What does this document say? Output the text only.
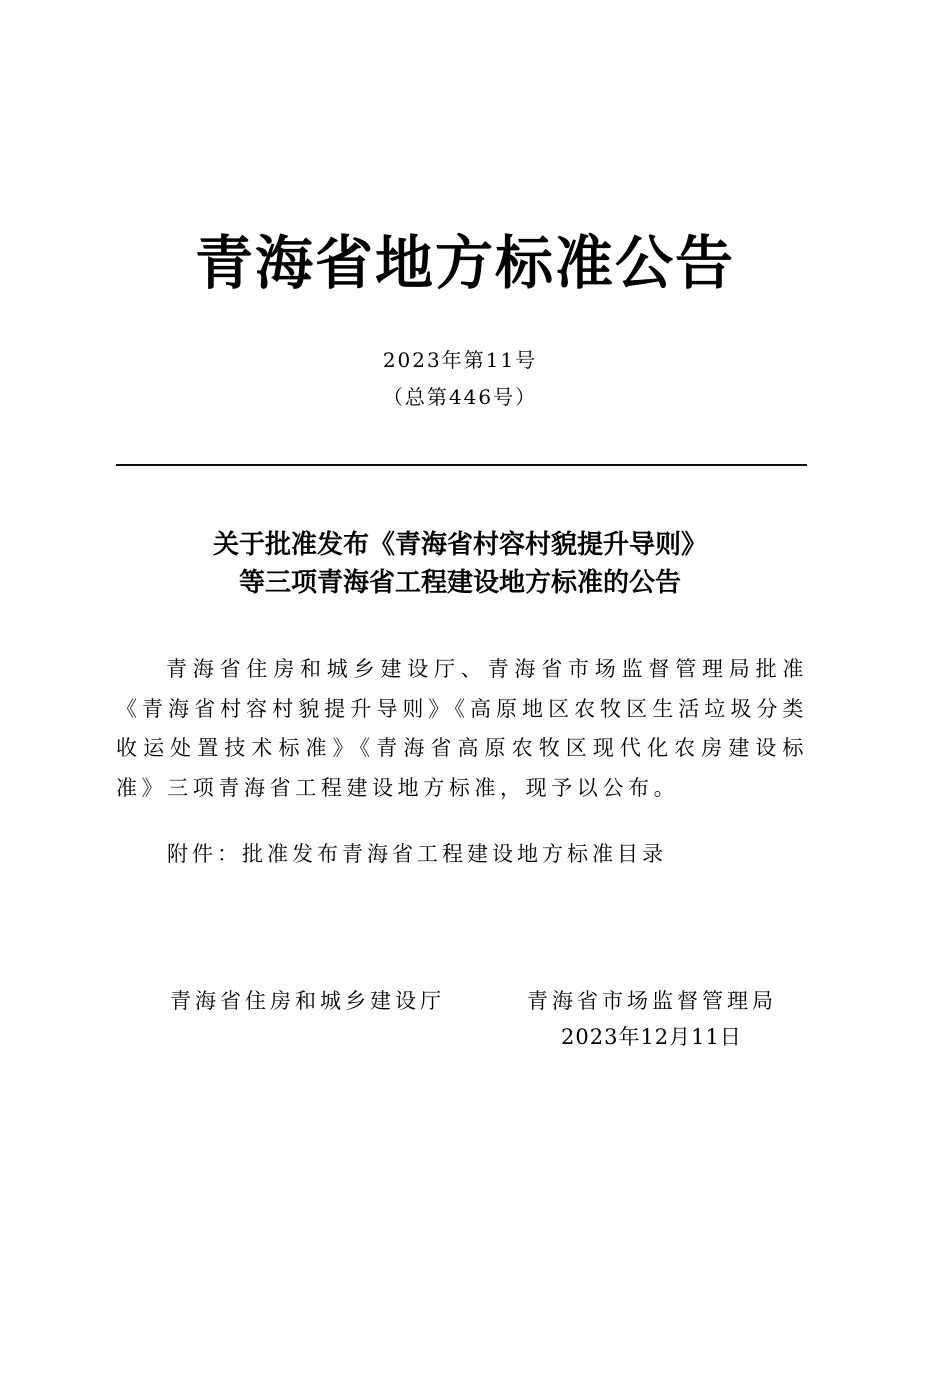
青海省地方标准公告
2023年第11号
（总第446号）
关于批准发布《青海省村容村貌提升导则》
等三项青海省工程建设地方标准的公告
青海省住房和城乡建设厅、青海省市场监督管理局批准《青海省村容村貌提升导则》《高原地区农牧区生活垃圾分类收运处置技术标准》《青海省高原农牧区现代化农房建设标准》三项青海省工程建设地方标准，现予以公布。
附件：批准发布青海省工程建设地方标准目录
青海省住房和城乡建设厅	青海省市场监督管理局
2023年12月11日
